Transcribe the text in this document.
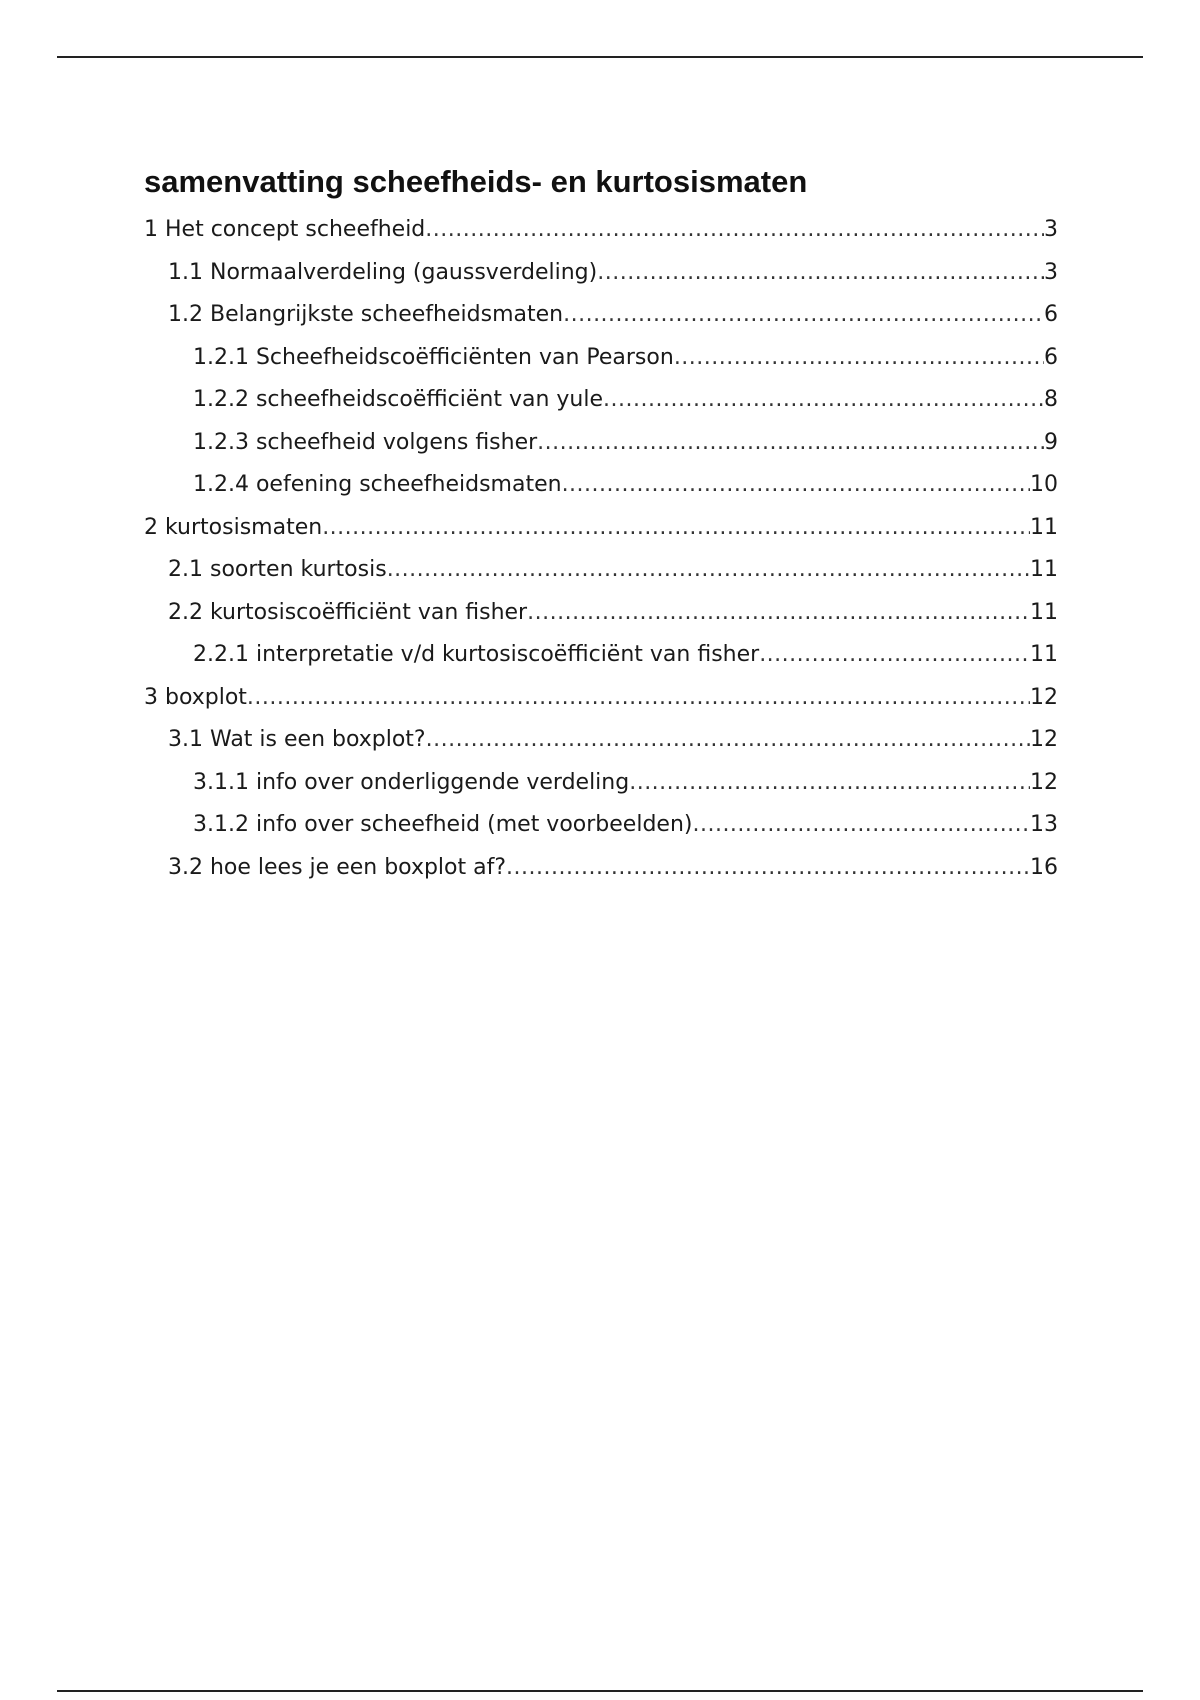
samenvatting scheefheids- en kurtosismaten
1 Het concept scheefheid .....	3
1.1 Normaalverdeling (gaussverdeling) .....	3
1.2 Belangrijkste scheefheidsmaten .....	6
1.2.1 Scheefheidscoëfficiënten van Pearson .....	6
1.2.2 scheefheidscoëfficiënt van yule .....	8
1.2.3 scheefheid volgens fisher .....	9
1.2.4 oefening scheefheidsmaten .....	10
2 kurtosismaten .....	11
2.1 soorten kurtosis .....	11
2.2 kurtosiscoëfficiënt van fisher .....	11
2.2.1 interpretatie v/d kurtosiscoëfficiënt van fisher .....	11
3 boxplot .....	12
3.1 Wat is een boxplot? .....	12
3.1.1 info over onderliggende verdeling .....	12
3.1.2 info over scheefheid (met voorbeelden) .....	13
3.2 hoe lees je een boxplot af? .....	16
